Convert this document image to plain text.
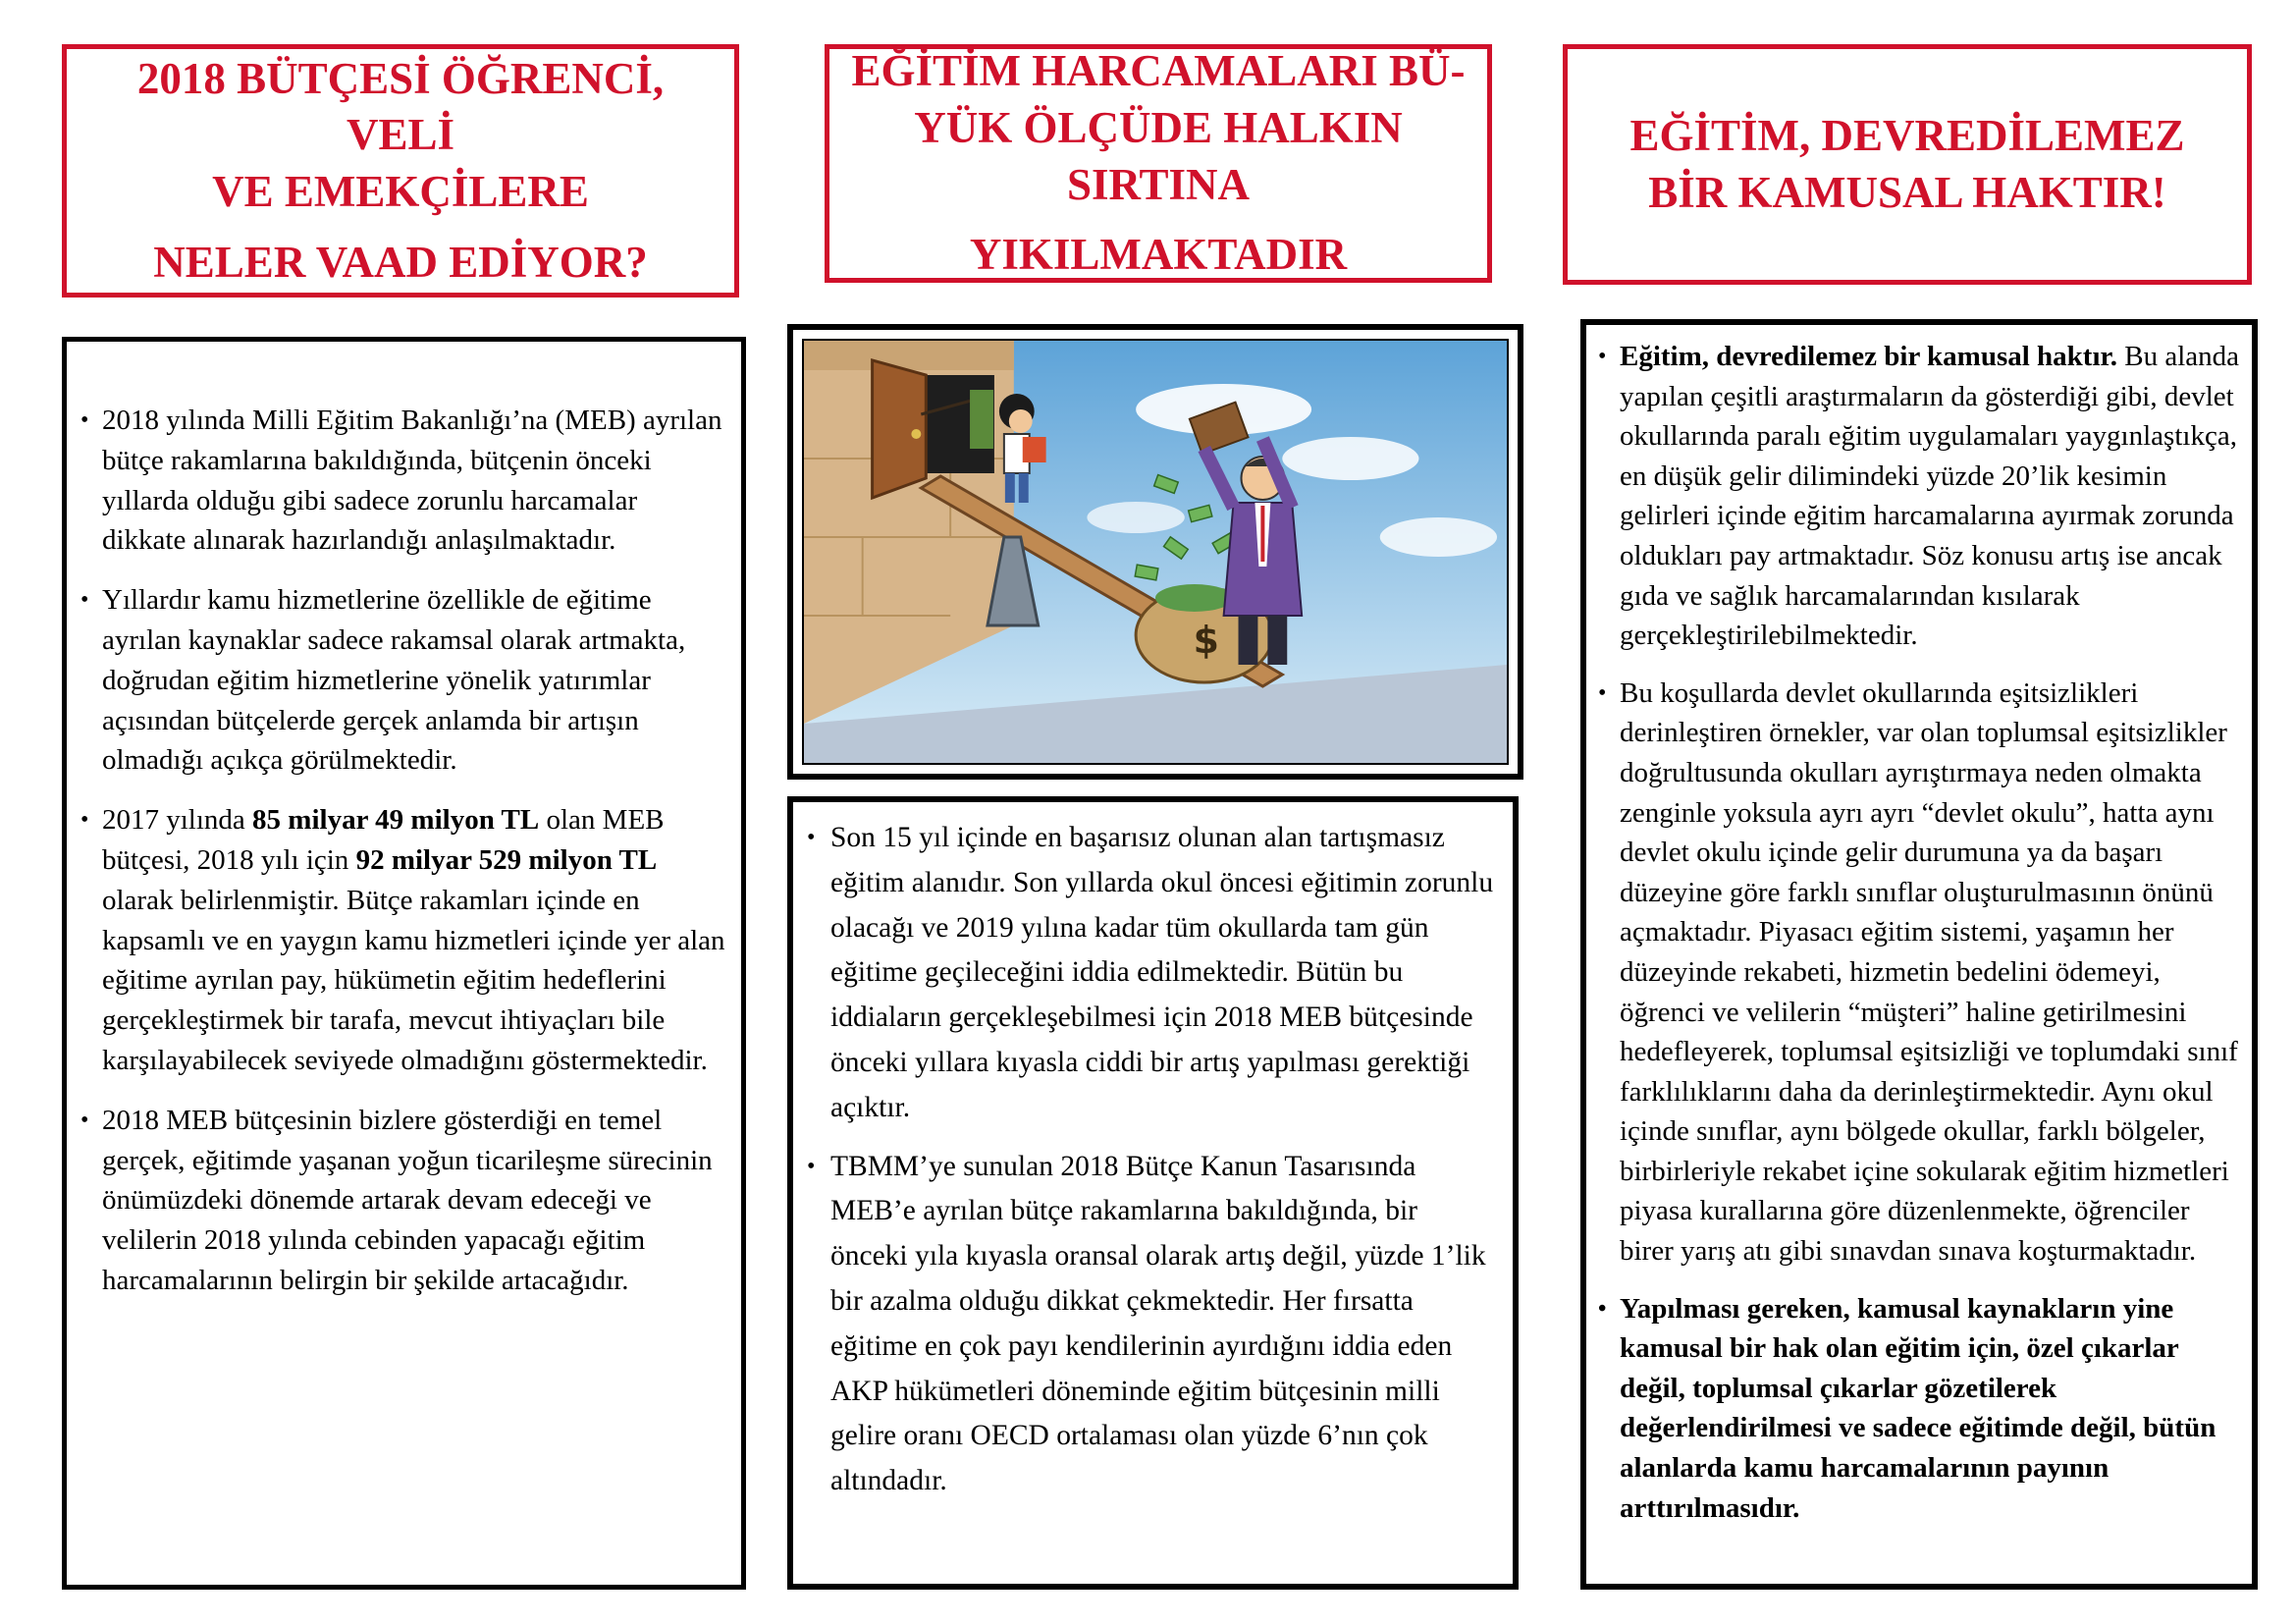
2018 BÜTÇESİ ÖĞRENCİ, VELİ
VE EMEKÇİLERE
NELER VAAD EDİYOR?
EĞİTİM HARCAMALARI BÜ-
YÜK ÖLÇÜDE HALKIN SIRTINA
YIKILMAKTADIR
EĞİTİM, DEVREDİLEMEZ
BİR KAMUSAL HAKTIR!

• 2018 yılında Milli Eğitim Bakanlığı’na (MEB) ayrılan bütçe rakamlarına bakıldığında, bütçenin önceki yıllarda olduğu gibi sadece zorunlu harcamalar dikkate alınarak hazırlandığı anlaşılmaktadır.

• Yıllardır kamu hizmetlerine özellikle de eğitime ayrılan kaynaklar sadece rakamsal olarak artmakta, doğrudan eğitim hizmetlerine yönelik yatırımlar açısından bütçelerde gerçek anlamda bir artışın olmadığı açıkça görülmektedir.

• 2017 yılında 85 milyar 49 milyon TL olan MEB bütçesi, 2018 yılı için 92 milyar 529 milyon TL olarak belirlenmiştir. Bütçe rakamları içinde en kapsamlı ve en yaygın kamu hizmetleri içinde yer alan eğitime ayrılan pay, hükümetin eğitim hedeflerini gerçekleştirmek bir tarafa, mevcut ihtiyaçları bile karşılayabilecek seviyede olmadığını göstermektedir.

• 2018 MEB bütçesinin bizlere gösterdiği en temel gerçek, eğitimde yaşanan yoğun ticarileşme sürecinin önümüzdeki dönemde artarak devam edeceği ve velilerin 2018 yılında cebinden yapacağı eğitim harcamalarının belirgin bir şekilde artacağıdır.

$

• Son 15 yıl içinde en başarısız olunan alan tartışmasız eğitim alanıdır. Son yıllarda okul öncesi eğitimin zorunlu olacağı ve 2019 yılına kadar tüm okullarda tam gün eğitime geçileceğini iddia edilmektedir. Bütün bu iddiaların gerçekleşebilmesi için 2018 MEB bütçesinde önceki yıllara kıyasla ciddi bir artış yapılması gerektiği açıktır.

• TBMM’ye sunulan 2018 Bütçe Kanun Tasarısında MEB’e ayrılan bütçe rakamlarına bakıldığında, bir önceki yıla kıyasla oransal olarak artış değil, yüzde 1’lik bir azalma olduğu dikkat çekmektedir. Her fırsatta eğitime en çok payı kendilerinin ayırdığını iddia eden AKP hükümetleri döneminde eğitim bütçesinin milli gelire oranı OECD ortalaması olan yüzde 6’nın çok altındadır.

• Eğitim, devredilemez bir kamusal haktır. Bu alanda yapılan çeşitli araştırmaların da gösterdiği gibi, devlet okullarında paralı eğitim uygulamaları yaygınlaştıkça, en düşük gelir dilimindeki yüzde 20’lik kesimin gelirleri içinde eğitim harcamalarına ayırmak zorunda oldukları pay artmaktadır. Söz konusu artış ise ancak gıda ve sağlık harcamalarından kısılarak gerçekleştirilebilmektedir.

• Bu koşullarda devlet okullarında eşitsizlikleri derinleştiren örnekler, var olan toplumsal eşitsizlikler doğrultusunda okulları ayrıştırmaya neden olmakta zenginle yoksula ayrı ayrı “devlet okulu”, hatta aynı devlet okulu içinde gelir durumuna ya da başarı düzeyine göre farklı sınıflar oluşturulmasının önünü açmaktadır. Piyasacı eğitim sistemi, yaşamın her düzeyinde rekabeti, hizmetin bedelini ödemeyi, öğrenci ve velilerin “müşteri” haline getirilmesini hedefleyerek, toplumsal eşitsizliği ve toplumdaki sınıf farklılıklarını daha da derinleştirmektedir. Aynı okul içinde sınıflar, aynı bölgede okullar, farklı bölgeler, birbirleriyle rekabet içine sokularak eğitim hizmetleri piyasa kurallarına göre düzenlenmekte, öğrenciler birer yarış atı gibi sınavdan sınava koşturmaktadır.

• Yapılması gereken, kamusal kaynakların yine kamusal bir hak olan eğitim için, özel çıkarlar değil, toplumsal çıkarlar gözetilerek değerlendirilmesi ve sadece eğitimde değil, bütün alanlarda kamu harcamalarının payının arttırılmasıdır.
